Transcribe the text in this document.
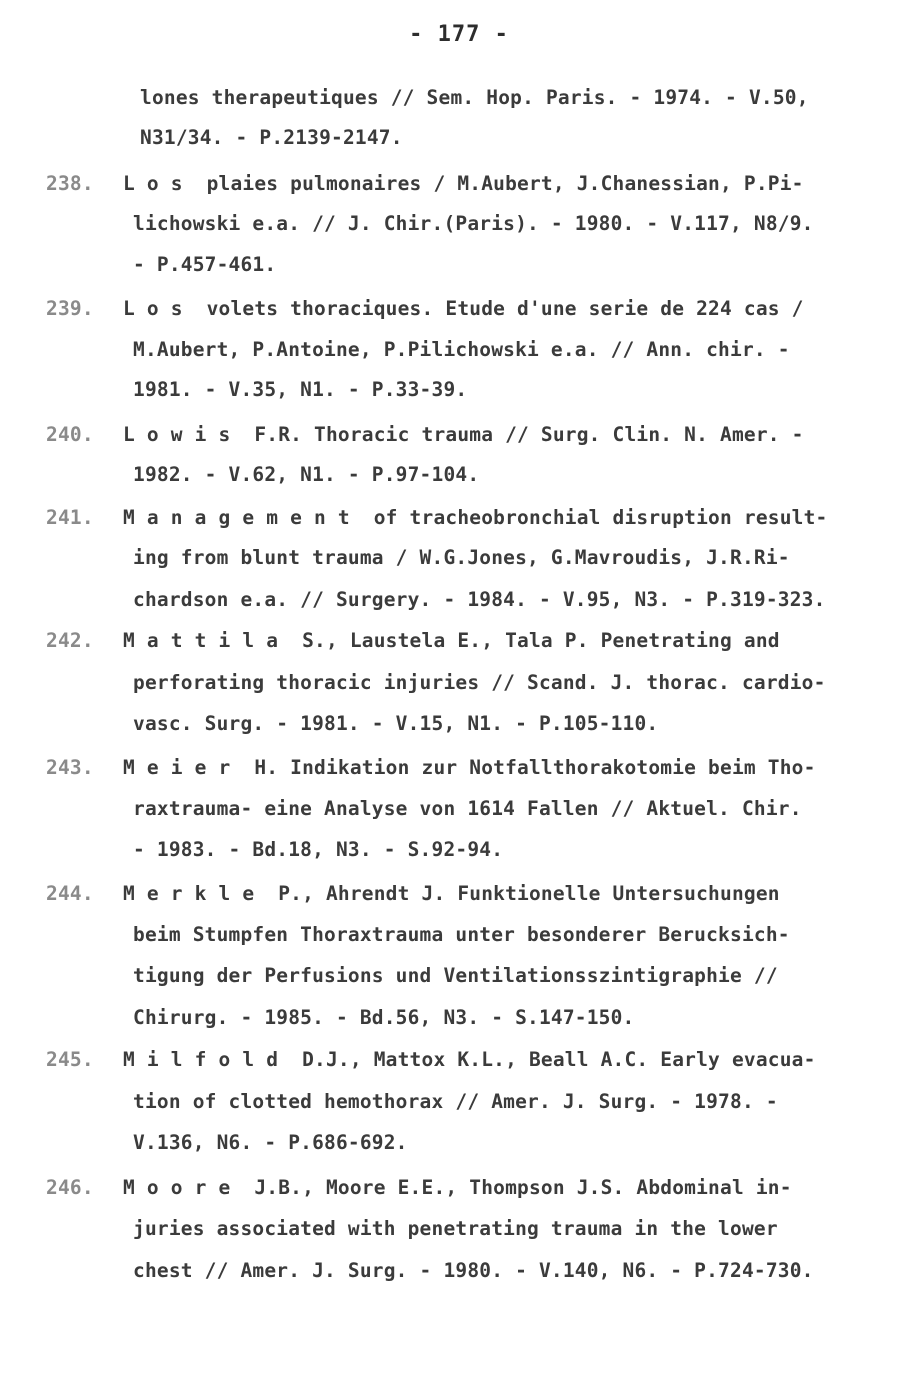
- 177 -
lones therapeutiques // Sem. Hop. Paris. - 1974. - V.50,
N31/34. - P.2139-2147.
238. L o s  plaies pulmonaires / M.Aubert, J.Chanessian, P.Pi-
lichowski e.a. // J. Chir.(Paris). - 1980. - V.117, N8/9.
- P.457-461.
239. L o s  volets thoraciques. Etude d'une serie de 224 cas /
M.Aubert, P.Antoine, P.Pilichowski e.a. // Ann. chir. -
1981. - V.35, N1. - P.33-39.
240. L o w i s  F.R. Thoracic trauma // Surg. Clin. N. Amer. -
1982. - V.62, N1. - P.97-104.
241. M a n a g e m e n t  of tracheobronchial disruption result-
ing from blunt trauma / W.G.Jones, G.Mavroudis, J.R.Ri-
chardson e.a. // Surgery. - 1984. - V.95, N3. - P.319-323.
242. M a t t i l a  S., Laustela E., Tala P. Penetrating and
perforating thoracic injuries // Scand. J. thorac. cardio-
vasc. Surg. - 1981. - V.15, N1. - P.105-110.
243. M e i e r  H. Indikation zur Notfallthorakotomie beim Tho-
raxtrauma- eine Analyse von 1614 Fallen // Aktuel. Chir.
- 1983. - Bd.18, N3. - S.92-94.
244. M e r k l e  P., Ahrendt J. Funktionelle Untersuchungen
beim Stumpfen Thoraxtrauma unter besonderer Berucksich-
tigung der Perfusions und Ventilationsszintigraphie //
Chirurg. - 1985. - Bd.56, N3. - S.147-150.
245. M i l f o l d  D.J., Mattox K.L., Beall A.C. Early evacua-
tion of clotted hemothorax // Amer. J. Surg. - 1978. -
V.136, N6. - P.686-692.
246. M o o r e  J.B., Moore E.E., Thompson J.S. Abdominal in-
juries associated with penetrating trauma in the lower
chest // Amer. J. Surg. - 1980. - V.140, N6. - P.724-730.
